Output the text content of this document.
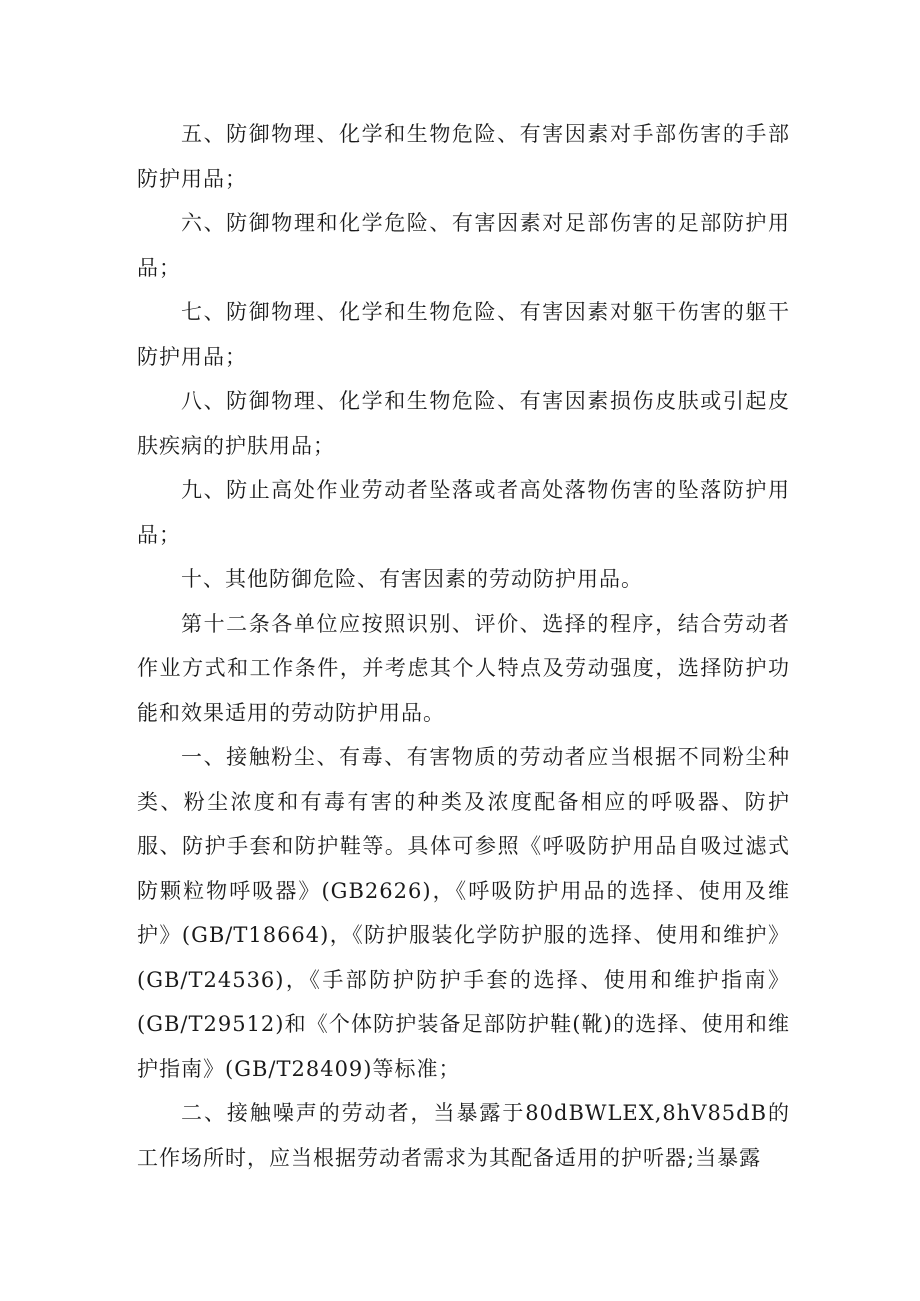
五、防御物理、化学和生物危险、有害因素对手部伤害的手部防护用品；

六、防御物理和化学危险、有害因素对足部伤害的足部防护用品；

七、防御物理、化学和生物危险、有害因素对躯干伤害的躯干防护用品；

八、防御物理、化学和生物危险、有害因素损伤皮肤或引起皮肤疾病的护肤用品；

九、防止高处作业劳动者坠落或者高处落物伤害的坠落防护用品；

十、其他防御危险、有害因素的劳动防护用品。

第十二条各单位应按照识别、评价、选择的程序，结合劳动者作业方式和工作条件，并考虑其个人特点及劳动强度，选择防护功能和效果适用的劳动防护用品。

一、接触粉尘、有毒、有害物质的劳动者应当根据不同粉尘种类、粉尘浓度和有毒有害的种类及浓度配备相应的呼吸器、防护服、防护手套和防护鞋等。具体可参照《呼吸防护用品自吸过滤式防颗粒物呼吸器》(GB2626)，《呼吸防护用品的选择、使用及维护》(GB/T18664)，《防护服装化学防护服的选择、使用和维护》(GB/T24536)，《手部防护防护手套的选择、使用和维护指南》(GB/T29512)和《个体防护装备足部防护鞋(靴)的选择、使用和维护指南》(GB/T28409)等标准；

二、接触噪声的劳动者，当暴露于80dBWLEX,8hV85dB的工作场所时，应当根据劳动者需求为其配备适用的护听器;当暴露
